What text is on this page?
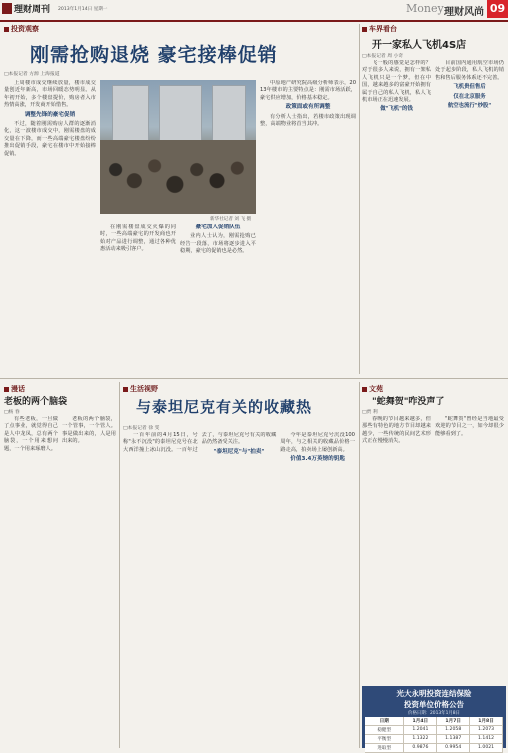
理财周刊 2013年1月14日 星期一	Money 理财风尚 09
投资观察
刚需抢购退烧 豪宅接棒促销
□本报记者 方源 上海报道

上周楼市成交继续放量，楼市成交量创近年新高，市场回暖态势明显。从年初开始，多个楼盘提价，购房者入市热情高涨，开发商开始惜售。

调整先锋的豪宅促销

不过，随着刚需购房人群的逐渐消化，这一波楼市成交中，刚需楼盘的成交量在下降，而一些高端豪宅楼盘纷纷推出促销手段，豪宅在楼市中开始接棒促销。

新华社记者 刘 飞 摄

在刚需楼盘成交火爆的同时，一些高端豪宅的开发商也开始对产品进行调整，通过各种优惠活动来吸引客户。

豪宅加入促销队伍

业内人士认为，刚需抢购已经告一段落，市场将逐步进入平稳期，豪宅的促销也是必然。

中原地产研究院高级分析师表示，2013年楼市的主要特点是：刚需市场活跃，豪宅供应增加，价格基本稳定。

政策面或有所调整

有分析人士指出，若楼市政策出现调整，高端物业将首当其冲。

车界看台
开一家私人飞机4S店
□本报记者 周 小奇

飞一般的感觉是怎样的？对于很多人来说，拥有一架私人飞机只是一个梦。但在中国，越来越多的富豪开始拥有属于自己的私人飞机，私人飞机市场正在迅速发展。

做"飞机"的钱

目前国内通用航空市场仍处于起步阶段，私人飞机的销售和售后服务体系还不完善。

飞机贵但售后
仅在北京服务
航空也流行"炒股"
漫话
老板的两个脑袋
□杨 春

有些老板，一旦做了点事业，就觉得自己是人中龙凤，总有两个脑袋，一个用来想问题，一个用来琢磨人。

老板的两个脑袋，一个管事，一个管人。事是做出来的，人是用出来的。

生活视野
与泰坦尼克有关的收藏热
□本报记者 徐 雯

一百年前的4月15日，号称"永不沉没"的泰坦尼克号在北大西洋撞上冰山沉没。一百年过去了，与泰坦尼克号有关的收藏品仍然备受关注。

"泰坦尼克"与"拍卖"

今年是泰坦尼克号沉没100周年，与之相关的收藏品价格一路走高，拍卖场上屡创新高。

价值3.4万英镑的钥匙
文苑
"蛇舞贺"咋没声了
□贾 利

春晚的节目越来越多，但那些有特色的地方节目却越来越少，一些传统的民间艺术形式正在慢慢消失。

"蛇舞贺"曾经是当地最受欢迎的节目之一，如今却很少能够看到了。

光大永明投资连结保险
投资单位价格公告
价格日期：2013年1月8日
日期	1月4日	1月7日	1月8日
稳健型	1.2041	1.2058	1.2073
平衡型	1.1322	1.1387	1.1412
进取型	0.9876	0.9954	1.0021
